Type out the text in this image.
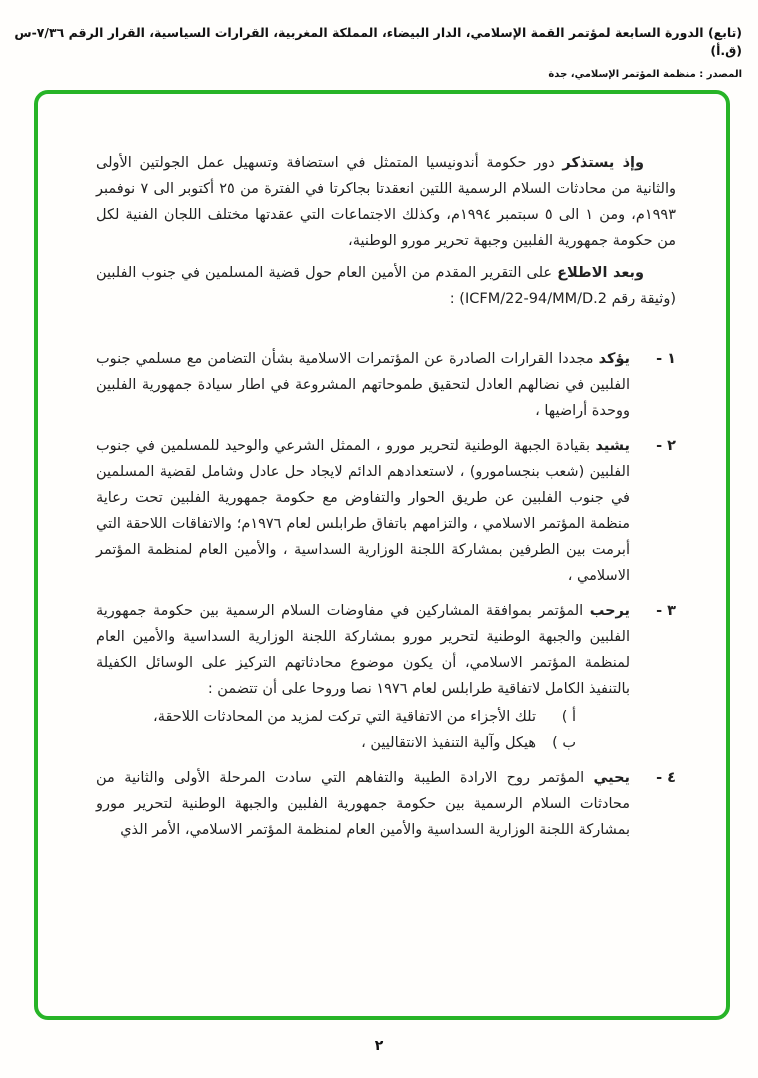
(تابع) الدورة السابعة لمؤتمر القمة الإسلامي، الدار البيضاء، المملكة المغربية، القرارات السياسية، القرار الرقم ٧/٣٦-س (ق.أ)
المصدر : منظمة المؤتمر الإسلامي، جدة

وإذ يستذكر دور حكومة أندونيسيا المتمثل في استضافة وتسهيل عمل الجولتين الأولى والثانية من محادثات السلام الرسمية اللتين انعقدتا بجاكرتا في الفترة من ٢٥ أكتوبر الى ٧ نوفمبر ١٩٩٣م، ومن ١ الى ٥ سبتمبر ١٩٩٤م، وكذلك الاجتماعات التي عقدتها مختلف اللجان الفنية لكل من حكومة جمهورية الفلبين وجبهة تحرير مورو الوطنية،

وبعد الاطلاع على التقرير المقدم من الأمين العام حول قضية المسلمين في جنوب الفلبين (وثيقة رقم ICFM/22-94/MM/D.2) :

١ -
يؤكد مجددا القرارات الصادرة عن المؤتمرات الاسلامية بشأن التضامن مع مسلمي جنوب الفلبين في نضالهم العادل لتحقيق طموحاتهم المشروعة في اطار سيادة جمهورية الفلبين ووحدة أراضيها ،
٢ -
يشيد بقيادة الجبهة الوطنية لتحرير مورو ، الممثل الشرعي والوحيد للمسلمين في جنوب الفلبين (شعب بنجسامورو) ، لاستعدادهم الدائم لايجاد حل عادل وشامل لقضية المسلمين في جنوب الفلبين عن طريق الحوار والتفاوض مع حكومة جمهورية الفلبين تحت رعاية منظمة المؤتمر الاسلامي ، والتزامهم باتفاق طرابلس لعام ١٩٧٦م؛ والاتفاقات اللاحقة التي أبرمت بين الطرفين بمشاركة اللجنة الوزارية السداسية ، والأمين العام لمنظمة المؤتمر الاسلامي ،
٣ -
يرحب المؤتمر بموافقة المشاركين في مفاوضات السلام الرسمية بين حكومة جمهورية الفلبين والجبهة الوطنية لتحرير مورو بمشاركة اللجنة الوزارية السداسية والأمين العام لمنظمة المؤتمر الاسلامي، أن يكون موضوع محادثاتهم التركيز على الوسائل الكفيلة بالتنفيذ الكامل لاتفاقية طرابلس لعام ١٩٧٦ نصا وروحا على أن تتضمن :
أ )
تلك الأجزاء من الاتفاقية التي تركت لمزيد من المحادثات اللاحقة،
ب )
هيكل وآلية التنفيذ الانتقاليين ،
٤ -
يحيي المؤتمر روح الارادة الطيبة والتفاهم التي سادت المرحلة الأولى والثانية من محادثات السلام الرسمية بين حكومة جمهورية الفلبين والجبهة الوطنية لتحرير مورو بمشاركة اللجنة الوزارية السداسية والأمين العام لمنظمة المؤتمر الاسلامي، الأمر الذي
٢
